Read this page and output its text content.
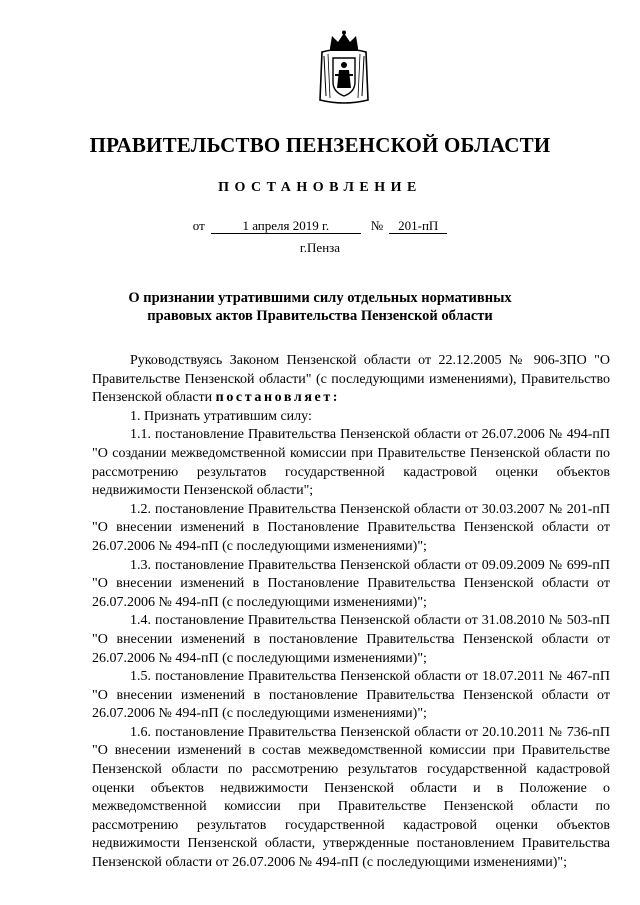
ПРАВИТЕЛЬСТВО ПЕНЗЕНСКОЙ ОБЛАСТИ
ПОСТАНОВЛЕНИЕ
от	1 апреля 2019 г.	№ 201-пП
г.Пенза
О признании утратившими силу отдельных нормативных
правовых актов Правительства Пензенской области

Руководствуясь Законом Пензенской области от 22.12.2005 № 906-ЗПО "О Правительстве Пензенской области" (с последующими изменениями), Правительство Пензенской области постановляет:

1. Признать утратившим силу:

1.1. постановление Правительства Пензенской области от 26.07.2006 № 494-пП "О создании межведомственной комиссии при Правительстве Пензенской области по рассмотрению результатов государственной кадастровой оценки объектов недвижимости Пензенской области";

1.2. постановление Правительства Пензенской области от 30.03.2007 № 201-пП "О внесении изменений в Постановление Правительства Пензенской области от 26.07.2006 № 494-пП (с последующими изменениями)";

1.3. постановление Правительства Пензенской области от 09.09.2009 № 699-пП "О внесении изменений в Постановление Правительства Пензенской области от 26.07.2006 № 494-пП (с последующими изменениями)";

1.4. постановление Правительства Пензенской области от 31.08.2010 № 503-пП "О внесении изменений в постановление Правительства Пензенской области от 26.07.2006 № 494-пП (с последующими изменениями)";

1.5. постановление Правительства Пензенской области от 18.07.2011 № 467-пП "О внесении изменений в постановление Правительства Пензенской области от 26.07.2006 № 494-пП (с последующими изменениями)";

1.6. постановление Правительства Пензенской области от 20.10.2011 № 736-пП "О внесении изменений в состав межведомственной комиссии при Правительстве Пензенской области по рассмотрению результатов государственной кадастровой оценки объектов недвижимости Пензенской области и в Положение о межведомственной комиссии при Правительстве Пензенской области по рассмотрению результатов государственной кадастровой оценки объектов недвижимости Пензенской области, утвержденные постановлением Правительства Пензенской области от 26.07.2006 № 494-пП (с последующими изменениями)";
